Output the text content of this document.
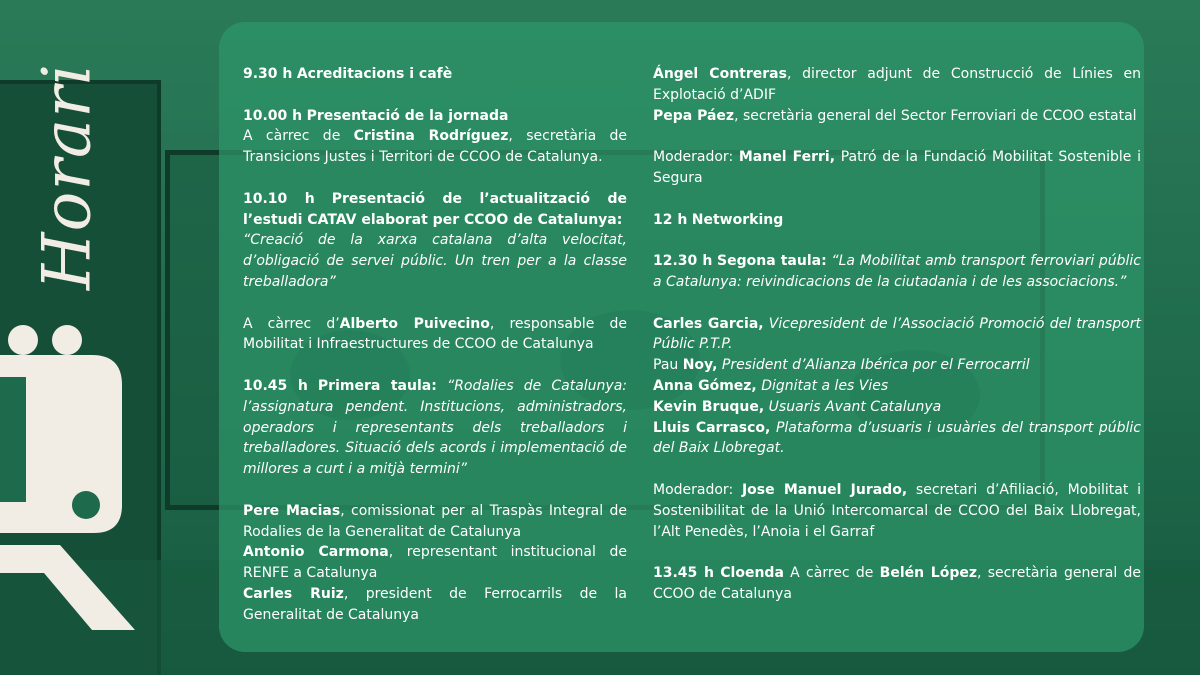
Horari	9.30 h Acreditacions i cafè

10.00 h Presentació de la jornada

A càrrec de Cristina Rodríguez, secretària de Transicions Justes i Territori de CCOO de Catalunya.

10.10 h Presentació de l’actualització de l’estudi CATAV elaborat per CCOO de Catalunya:

“Creació de la xarxa catalana d’alta velocitat, d’obligació de servei públic. Un tren per a la classe treballadora”

A càrrec d’Alberto Puivecino, responsable de Mobilitat i Infraestructures de CCOO de Catalunya

10.45 h Primera taula: “Rodalies de Catalunya: l’assignatura pendent. Institucions, administradors, operadors i representants dels treballadors i treballadores. Situació dels acords i implementació de millores a curt i a mitjà termini”

Pere Macias, comissionat per al Traspàs Integral de Rodalies de la Generalitat de Catalunya

Antonio Carmona, representant institucional de RENFE a Catalunya

Carles Ruiz, president de Ferrocarrils de la Generalitat de Catalunya

Ángel Contreras, director adjunt de Construcció de Línies en Explotació d’ADIF

Pepa Páez, secretària general del Sector Ferroviari de CCOO estatal

Moderador: Manel Ferri, Patró de la Fundació Mobilitat Sostenible i Segura

12 h Networking

12.30 h Segona taula: “La Mobilitat amb transport ferroviari públic a Catalunya: reivindicacions de la ciutadania i de les associacions.”

Carles Garcia, Vicepresident de l’Associació Promoció del transport Públic P.T.P.

Pau Noy, President d’Alianza Ibérica por el Ferrocarril

Anna Gómez, Dignitat a les Vies

Kevin Bruque, Usuaris Avant Catalunya

Lluis Carrasco, Plataforma d’usuaris i usuàries del transport públic del Baix Llobregat.

Moderador: Jose Manuel Jurado, secretari d’Afiliació, Mobilitat i Sostenibilitat de la Unió Intercomarcal de CCOO del Baix Llobregat, l’Alt Penedès, l’Anoia i el Garraf

13.45 h Cloenda A càrrec de Belén López, secretària general de CCOO de Catalunya
